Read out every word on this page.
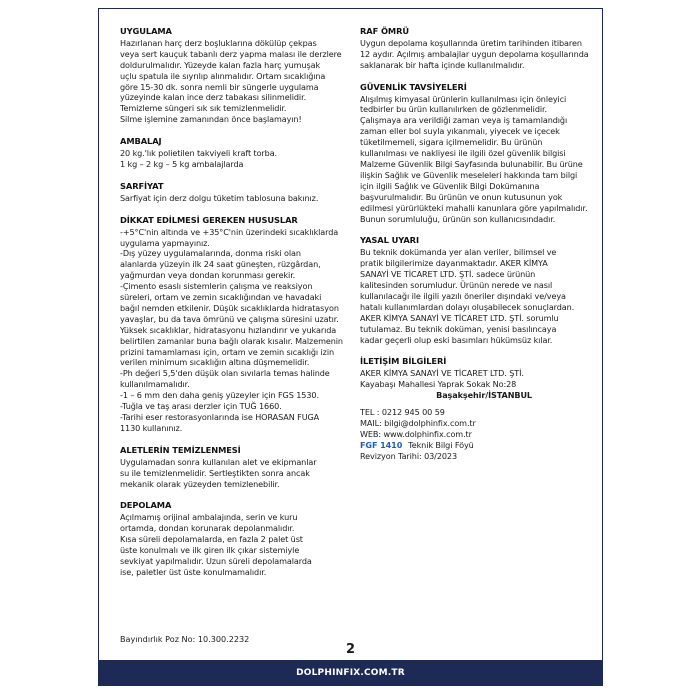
UYGULAMA
Hazırlanan harç derz boşluklarına dökülüp çekpas
veya sert kauçuk tabanlı derz yapma malası ile derzlere
doldurulmalıdır. Yüzeyde kalan fazla harç yumuşak
uçlu spatula ile sıyrılıp alınmalıdır. Ortam sıcaklığına
göre 15-30 dk. sonra nemli bir süngerle uygulama
yüzeyinde kalan ince derz tabakası silinmelidir.
Temizleme süngeri sık sık temizlenmelidir.
Silme işlemine zamanından önce başlamayın!
AMBALAJ
20 kg.'lık polietilen takviyeli kraft torba.
1 kg – 2 kg – 5 kg ambalajlarda
SARFİYAT
Sarfiyat için derz dolgu tüketim tablosuna bakınız.
DİKKAT EDİLMESİ GEREKEN HUSUSLAR
-+5°C'nin altında ve +35°C'nin üzerindeki sıcaklıklarda
uygulama yapmayınız.
-Dış yüzey uygulamalarında, donma riski olan
alanlarda yüzeyin ilk 24 saat güneşten, rüzgârdan,
yağmurdan veya dondan korunması gerekir.
-Çimento esaslı sistemlerin çalışma ve reaksiyon
süreleri, ortam ve zemin sıcaklığından ve havadaki
bağıl nemden etkilenir. Düşük sıcaklıklarda hidratasyon
yavaşlar, bu da tava ömrünü ve çalışma süresini uzatır.
Yüksek sıcaklıklar, hidratasyonu hızlandırır ve yukarıda
belirtilen zamanlar buna bağlı olarak kısalır. Malzemenin
prizini tamamlaması için, ortam ve zemin sıcaklığı izin
verilen minimum sıcaklığın altına düşmemelidir.
-Ph değeri 5,5'den düşük olan sıvılarla temas halinde
kullanılmamalıdır.
-1 – 6 mm den daha geniş yüzeyler için FGS 1530.
-Tuğla ve taş arası derzler için TUĞ 1660.
-Tarihi eser restorasyonlarında ise HORASAN FUGA
1130 kullanınız.
ALETLERİN TEMİZLENMESİ
Uygulamadan sonra kullanılan alet ve ekipmanlar
su ile temizlenmelidir. Sertleştikten sonra ancak
mekanik olarak yüzeyden temizlenebilir.
DEPOLAMA
Açılmamış orijinal ambalajında, serin ve kuru
ortamda, dondan korunarak depolanmalıdır.
Kısa süreli depolamalarda, en fazla 2 palet üst
üste konulmalı ve ilk giren ilk çıkar sistemiyle
sevkiyat yapılmalıdır. Uzun süreli depolamalarda
ise, paletler üst üste konulmamalıdır.
RAF ÖMRÜ
Uygun depolama koşullarında üretim tarihinden itibaren
12 aydır. Açılmış ambalajlar uygun depolama koşullarında
saklanarak bir hafta içinde kullanılmalıdır.
GÜVENLİK TAVSİYELERİ
Alışılmış kimyasal ürünlerin kullanılması için önleyici
tedbirler bu ürün kullanılırken de gözlenmelidir.
Çalışmaya ara verildiği zaman veya iş tamamlandığı
zaman eller bol suyla yıkanmalı, yiyecek ve içecek
tüketilmemeli, sigara içilmemelidir. Bu ürünün
kullanılması ve nakliyesi ile ilgili özel güvenlik bilgisi
Malzeme Güvenlik Bilgi Sayfasında bulunabilir. Bu ürüne
ilişkin Sağlık ve Güvenlik meseleleri hakkında tam bilgi
için ilgili Sağlık ve Güvenlik Bilgi Dokümanına
başvurulmalıdır. Bu ürünün ve onun kutusunun yok
edilmesi yürürlükteki mahalli kanunlara göre yapılmalıdır.
Bunun sorumluluğu, ürünün son kullanıcısındadır.
YASAL UYARI
Bu teknik dokümanda yer alan veriler, bilimsel ve
pratik bilgilerimize dayanmaktadır. AKER KİMYA
SANAYİ VE TİCARET LTD. ŞTİ. sadece ürünün
kalitesinden sorumludur. Ürünün nerede ve nasıl
kullanılacağı ile ilgili yazılı öneriler dışındaki ve/veya
hatalı kullanımlardan dolayı oluşabilecek sonuçlardan.
AKER KİMYA SANAYİ VE TİCARET LTD. ŞTİ. sorumlu
tutulamaz. Bu teknik doküman, yenisi basılıncaya
kadar geçerli olup eski basımları hükümsüz kılar.
İLETİŞİM BİLGİLERİ
AKER KİMYA SANAYİ VE TİCARET LTD. ŞTİ.
Kayabaşı Mahallesi Yaprak Sokak No:28
Başakşehir/İSTANBUL
TEL : 0212 945 00 59
MAIL: bilgi@dolphinfix.com.tr
WEB: www.dolphinfix.com.tr
FGF 1410 Teknik Bilgi Föyü
Revizyon Tarihi: 03/2023
Bayındırlık Poz No: 10.300.2232
2
DOLPHINFIX.COM.TR
